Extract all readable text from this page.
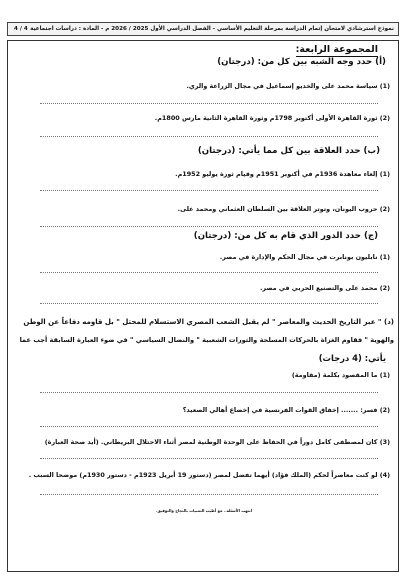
نموذج استرشادي لامتحان إتمام الدراسة بمرحلة التعليم الأساسي - الفصل الدراسي الأول 2025 / 2026 م - المادة : دراسات اجتماعية
4 / 4
المجموعة الرابعة:
(أ) حدد وجه الشبه بين كل من: (درجتان)
(1) سياسة محمد على والخديو إسماعيل في مجال الزراعة والري.
(2) ثورة القاهرة الأولى أكتوبر 1798م وثورة القاهرة الثانية مارس 1800م.
(ب) حدد العلاقة بين كل مما يأتي: (درجتان)
(1) إلغاء معاهدة 1936م في أكتوبر 1951م وقيام ثورة يوليو 1952م.
(2) حروب اليونان، وتوتر العلاقة بين السلطان العثماني ومحمد على.
(ج) حدد الدور الذي قام به كل من: (درجتان)
(1) نابليون بونابرت في مجال الحكم والإدارة في مصر.
(2) محمد على والتصنيع الحربي في مصر.
(د) " عبر التاريخ الحديث والمعاصر " لم يقبل الشعب المصري الاستسلام للمحتل " بل قاومه دفاعاً عن الوطن
والهوية " فقاوم الغزاة بالحركات المسلحة والثورات الشعبية " والنضال السياسي " في ضوء العبارة السابقة أجب عما
يأتي: (4 درجات)
(1) ما المقصود بكلمة (مقاومة)
(2) فسر: ....... إخفاق القوات الفرنسية في إخضاع أهالي الصعيد؟
(3) كان لمصطفى كامل دوراً في الحفاظ على الوحدة الوطنية لمصر أثناء الاحتلال البريطاني. (أيد صحة العبارة)
(4) لو كنت معاصراً لحكم (الملك فؤاد) أيهما تفضل لمصر (دستور 19 أبريل 1923م - دستور 1930م) موضحا السبب .
انتهت الأسئلة.. مع أطيب التمنيات بالنجاح والتوفيق.
